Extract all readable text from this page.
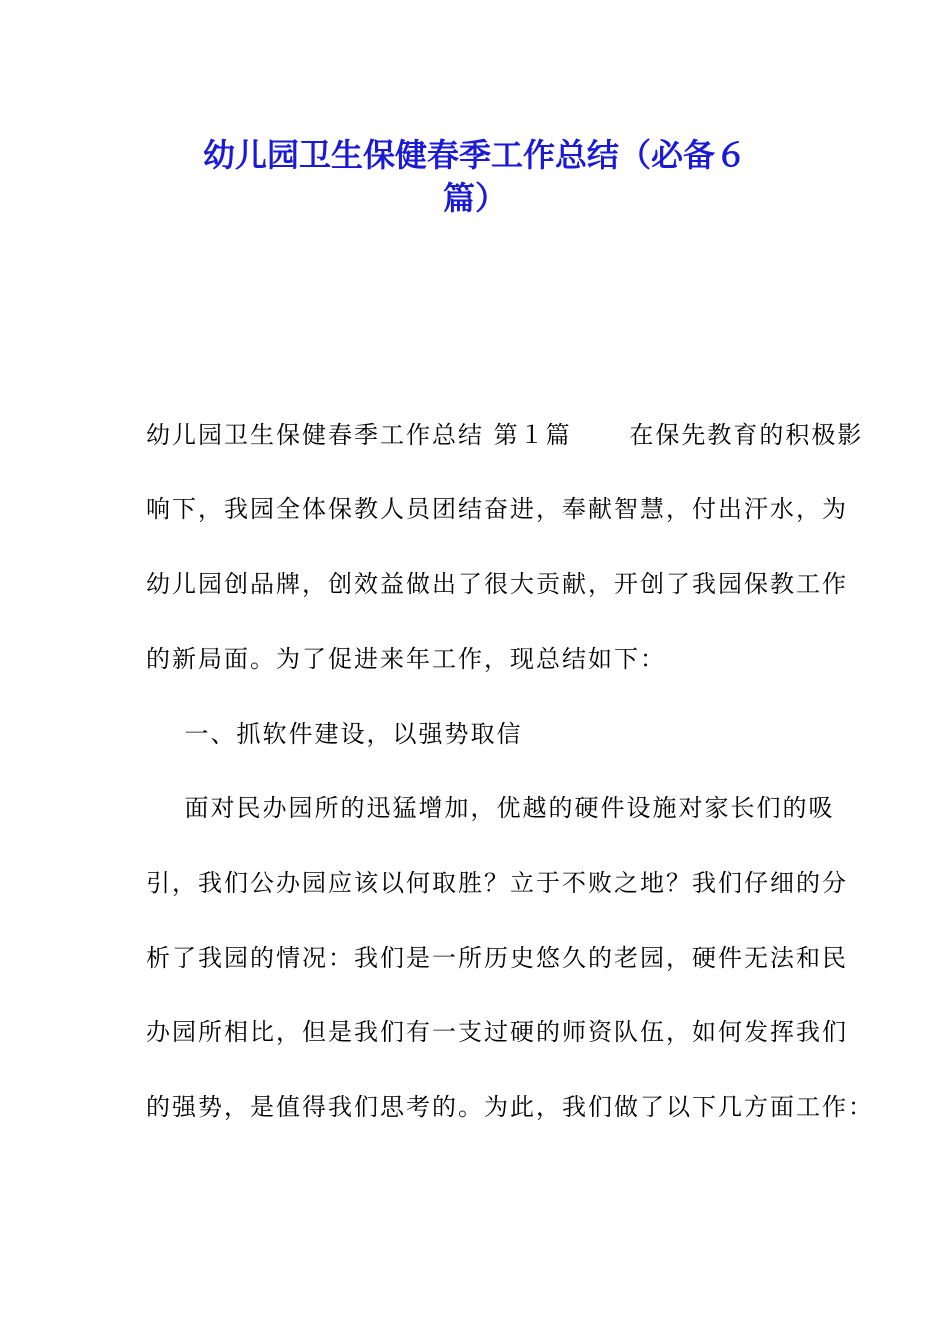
幼儿园卫生保健春季工作总结（必备６
篇）
幼儿园卫生保健春季工作总结 第１篇      在保先教育的积极影
响下，我园全体保教人员团结奋进，奉献智慧，付出汗水，为
幼儿园创品牌，创效益做出了很大贡献，开创了我园保教工作
的新局面。为了促进来年工作，现总结如下：
一、抓软件建设，以强势取信
面对民办园所的迅猛增加，优越的硬件设施对家长们的吸
引，我们公办园应该以何取胜？立于不败之地？我们仔细的分
析了我园的情况：我们是一所历史悠久的老园，硬件无法和民
办园所相比，但是我们有一支过硬的师资队伍，如何发挥我们
的强势，是值得我们思考的。为此，我们做了以下几方面工作：
